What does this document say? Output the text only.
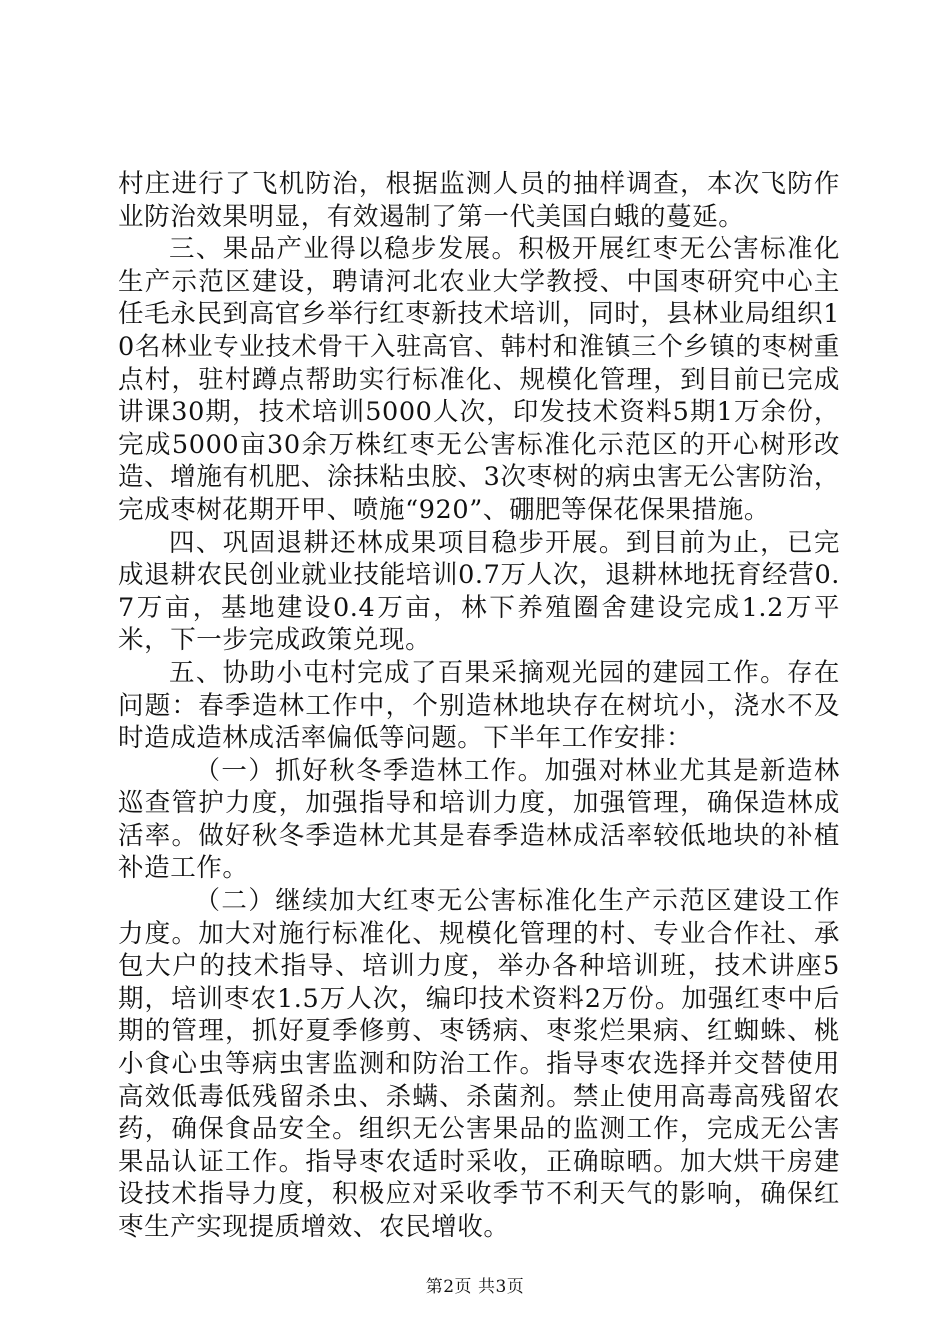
村庄进行了飞机防治，根据监测人员的抽样调查，本次飞防作业防治效果明显，有效遏制了第一代美国白蛾的蔓延。

三、果品产业得以稳步发展。积极开展红枣无公害标准化生产示范区建设，聘请河北农业大学教授、中国枣研究中心主任毛永民到高官乡举行红枣新技术培训，同时，县林业局组织10名林业专业技术骨干入驻高官、韩村和淮镇三个乡镇的枣树重点村，驻村蹲点帮助实行标准化、规模化管理，到目前已完成讲课30期，技术培训5000人次，印发技术资料5期1万余份，完成5000亩30余万株红枣无公害标准化示范区的开心树形改造、增施有机肥、涂抹粘虫胶、3次枣树的病虫害无公害防治，完成枣树花期开甲、喷施“920”、硼肥等保花保果措施。

四、巩固退耕还林成果项目稳步开展。到目前为止，已完成退耕农民创业就业技能培训0.7万人次，退耕林地抚育经营0.7万亩，基地建设0.4万亩，林下养殖圈舍建设完成1.2万平米，下一步完成政策兑现。

五、协助小屯村完成了百果采摘观光园的建园工作。存在问题：春季造林工作中，个别造林地块存在树坑小，浇水不及时造成造林成活率偏低等问题。下半年工作安排：

（一）抓好秋冬季造林工作。加强对林业尤其是新造林巡查管护力度，加强指导和培训力度，加强管理，确保造林成活率。做好秋冬季造林尤其是春季造林成活率较低地块的补植补造工作。

（二）继续加大红枣无公害标准化生产示范区建设工作力度。加大对施行标准化、规模化管理的村、专业合作社、承包大户的技术指导、培训力度，举办各种培训班，技术讲座5期，培训枣农1.5万人次，编印技术资料2万份。加强红枣中后期的管理，抓好夏季修剪、枣锈病、枣浆烂果病、红蜘蛛、桃小食心虫等病虫害监测和防治工作。指导枣农选择并交替使用高效低毒低残留杀虫、杀螨、杀菌剂。禁止使用高毒高残留农药，确保食品安全。组织无公害果品的监测工作，完成无公害果品认证工作。指导枣农适时采收，正确晾晒。加大烘干房建设技术指导力度，积极应对采收季节不利天气的影响，确保红枣生产实现提质增效、农民增收。

第2页 共3页
